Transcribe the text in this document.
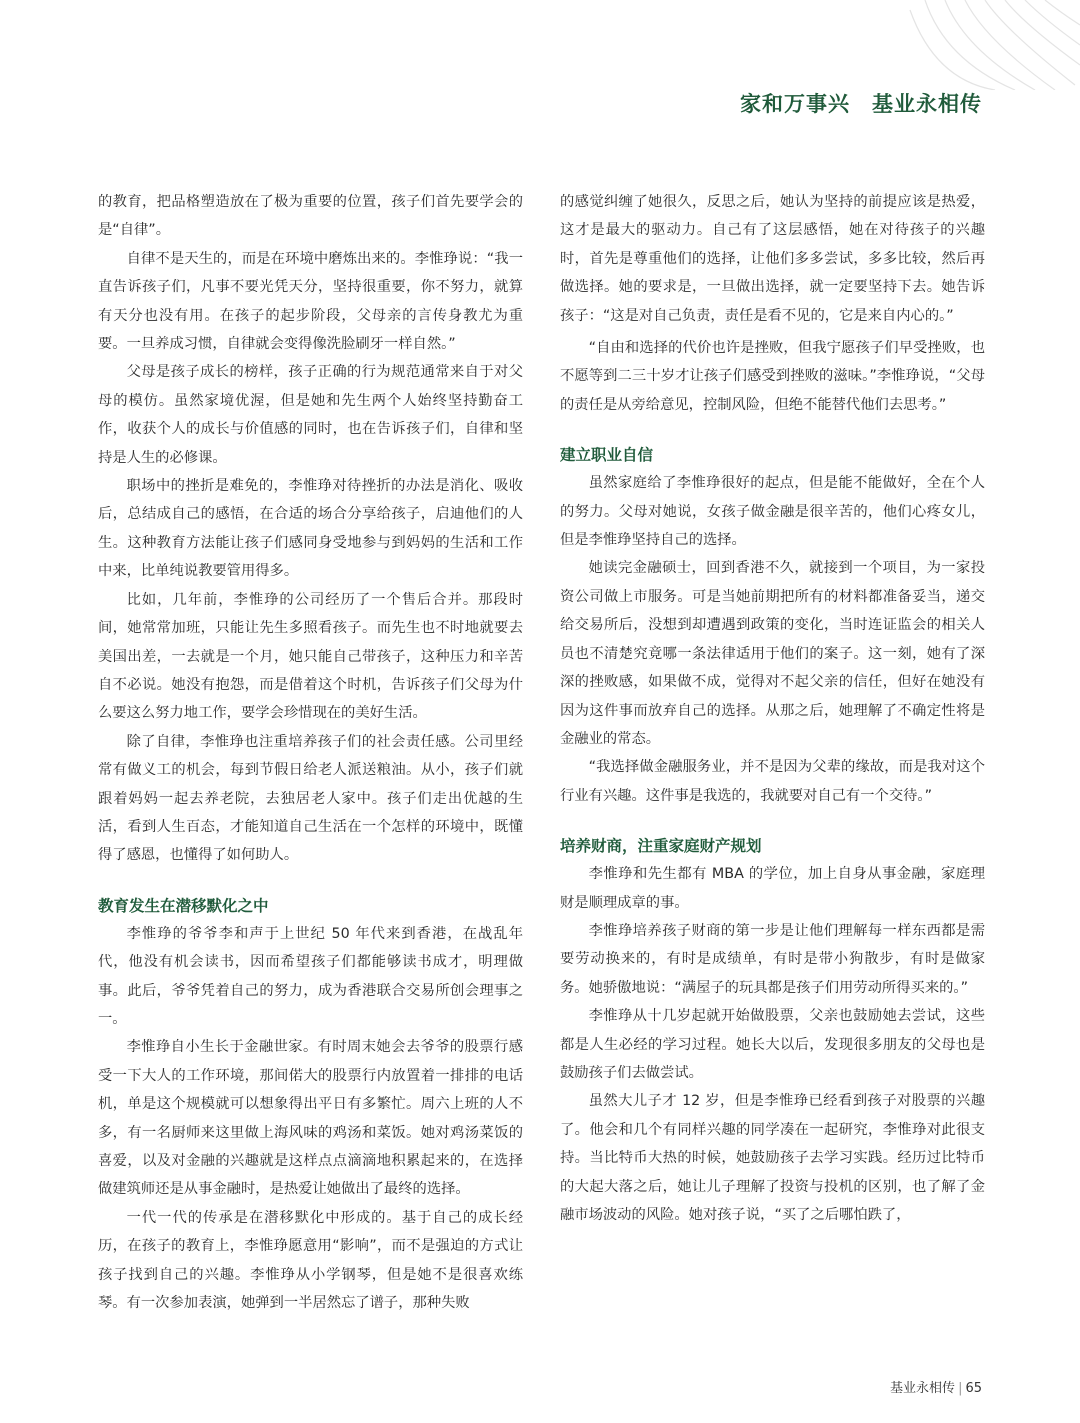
家和万事兴　基业永相传

的教育，把品格塑造放在了极为重要的位置，孩子们首先要学会的是“自律”。

自律不是天生的，而是在环境中磨炼出来的。李惟琤说：“我一直告诉孩子们，凡事不要光凭天分，坚持很重要，你不努力，就算有天分也没有用。在孩子的起步阶段，父母亲的言传身教尤为重要。一旦养成习惯，自律就会变得像洗脸刷牙一样自然。”

父母是孩子成长的榜样，孩子正确的行为规范通常来自于对父母的模仿。虽然家境优渥，但是她和先生两个人始终坚持勤奋工作，收获个人的成长与价值感的同时，也在告诉孩子们，自律和坚持是人生的必修课。

职场中的挫折是难免的，李惟琤对待挫折的办法是消化、吸收后，总结成自己的感悟，在合适的场合分享给孩子，启迪他们的人生。这种教育方法能让孩子们感同身受地参与到妈妈的生活和工作中来，比单纯说教要管用得多。

比如，几年前，李惟琤的公司经历了一个售后合并。那段时间，她常常加班，只能让先生多照看孩子。而先生也不时地就要去美国出差，一去就是一个月，她只能自己带孩子，这种压力和辛苦自不必说。她没有抱怨，而是借着这个时机，告诉孩子们父母为什么要这么努力地工作，要学会珍惜现在的美好生活。

除了自律，李惟琤也注重培养孩子们的社会责任感。公司里经常有做义工的机会，每到节假日给老人派送粮油。从小，孩子们就跟着妈妈一起去养老院，去独居老人家中。孩子们走出优越的生活，看到人生百态，才能知道自己生活在一个怎样的环境中，既懂得了感恩，也懂得了如何助人。

教育发生在潜移默化之中

李惟琤的爷爷李和声于上世纪 50 年代来到香港，在战乱年代，他没有机会读书，因而希望孩子们都能够读书成才，明理做事。此后，爷爷凭着自己的努力，成为香港联合交易所创会理事之一。

李惟琤自小生长于金融世家。有时周末她会去爷爷的股票行感受一下大人的工作环境，那间偌大的股票行内放置着一排排的电话机，单是这个规模就可以想象得出平日有多繁忙。周六上班的人不多，有一名厨师来这里做上海风味的鸡汤和菜饭。她对鸡汤菜饭的喜爱，以及对金融的兴趣就是这样点点滴滴地积累起来的，在选择做建筑师还是从事金融时，是热爱让她做出了最终的选择。

一代一代的传承是在潜移默化中形成的。基于自己的成长经历，在孩子的教育上，李惟琤愿意用“影响”，而不是强迫的方式让孩子找到自己的兴趣。李惟琤从小学钢琴，但是她不是很喜欢练琴。有一次参加表演，她弹到一半居然忘了谱子，那种失败

的感觉纠缠了她很久，反思之后，她认为坚持的前提应该是热爱，这才是最大的驱动力。自己有了这层感悟，她在对待孩子的兴趣时，首先是尊重他们的选择，让他们多多尝试，多多比较，然后再做选择。她的要求是，一旦做出选择，就一定要坚持下去。她告诉孩子：“这是对自己负责，责任是看不见的，它是来自内心的。”

“自由和选择的代价也许是挫败，但我宁愿孩子们早受挫败，也不愿等到二三十岁才让孩子们感受到挫败的滋味。”李惟琤说，“父母的责任是从旁给意见，控制风险，但绝不能替代他们去思考。”

建立职业自信

虽然家庭给了李惟琤很好的起点，但是能不能做好，全在个人的努力。父母对她说，女孩子做金融是很辛苦的，他们心疼女儿，但是李惟琤坚持自己的选择。

她读完金融硕士，回到香港不久，就接到一个项目，为一家投资公司做上市服务。可是当她前期把所有的材料都准备妥当，递交给交易所后，没想到却遭遇到政策的变化，当时连证监会的相关人员也不清楚究竟哪一条法律适用于他们的案子。这一刻，她有了深深的挫败感，如果做不成，觉得对不起父亲的信任，但好在她没有因为这件事而放弃自己的选择。从那之后，她理解了不确定性将是金融业的常态。

“我选择做金融服务业，并不是因为父辈的缘故，而是我对这个行业有兴趣。这件事是我选的，我就要对自己有一个交待。”

培养财商，注重家庭财产规划

李惟琤和先生都有 MBA 的学位，加上自身从事金融，家庭理财是顺理成章的事。

李惟琤培养孩子财商的第一步是让他们理解每一样东西都是需要劳动换来的，有时是成绩单，有时是带小狗散步，有时是做家务。她骄傲地说：“满屋子的玩具都是孩子们用劳动所得买来的。”

李惟琤从十几岁起就开始做股票，父亲也鼓励她去尝试，这些都是人生必经的学习过程。她长大以后，发现很多朋友的父母也是鼓励孩子们去做尝试。

虽然大儿子才 12 岁，但是李惟琤已经看到孩子对股票的兴趣了。他会和几个有同样兴趣的同学凑在一起研究，李惟琤对此很支持。当比特币大热的时候，她鼓励孩子去学习实践。经历过比特币的大起大落之后，她让儿子理解了投资与投机的区别，也了解了金融市场波动的风险。她对孩子说，“买了之后哪怕跌了，

基业永相传 | 65
